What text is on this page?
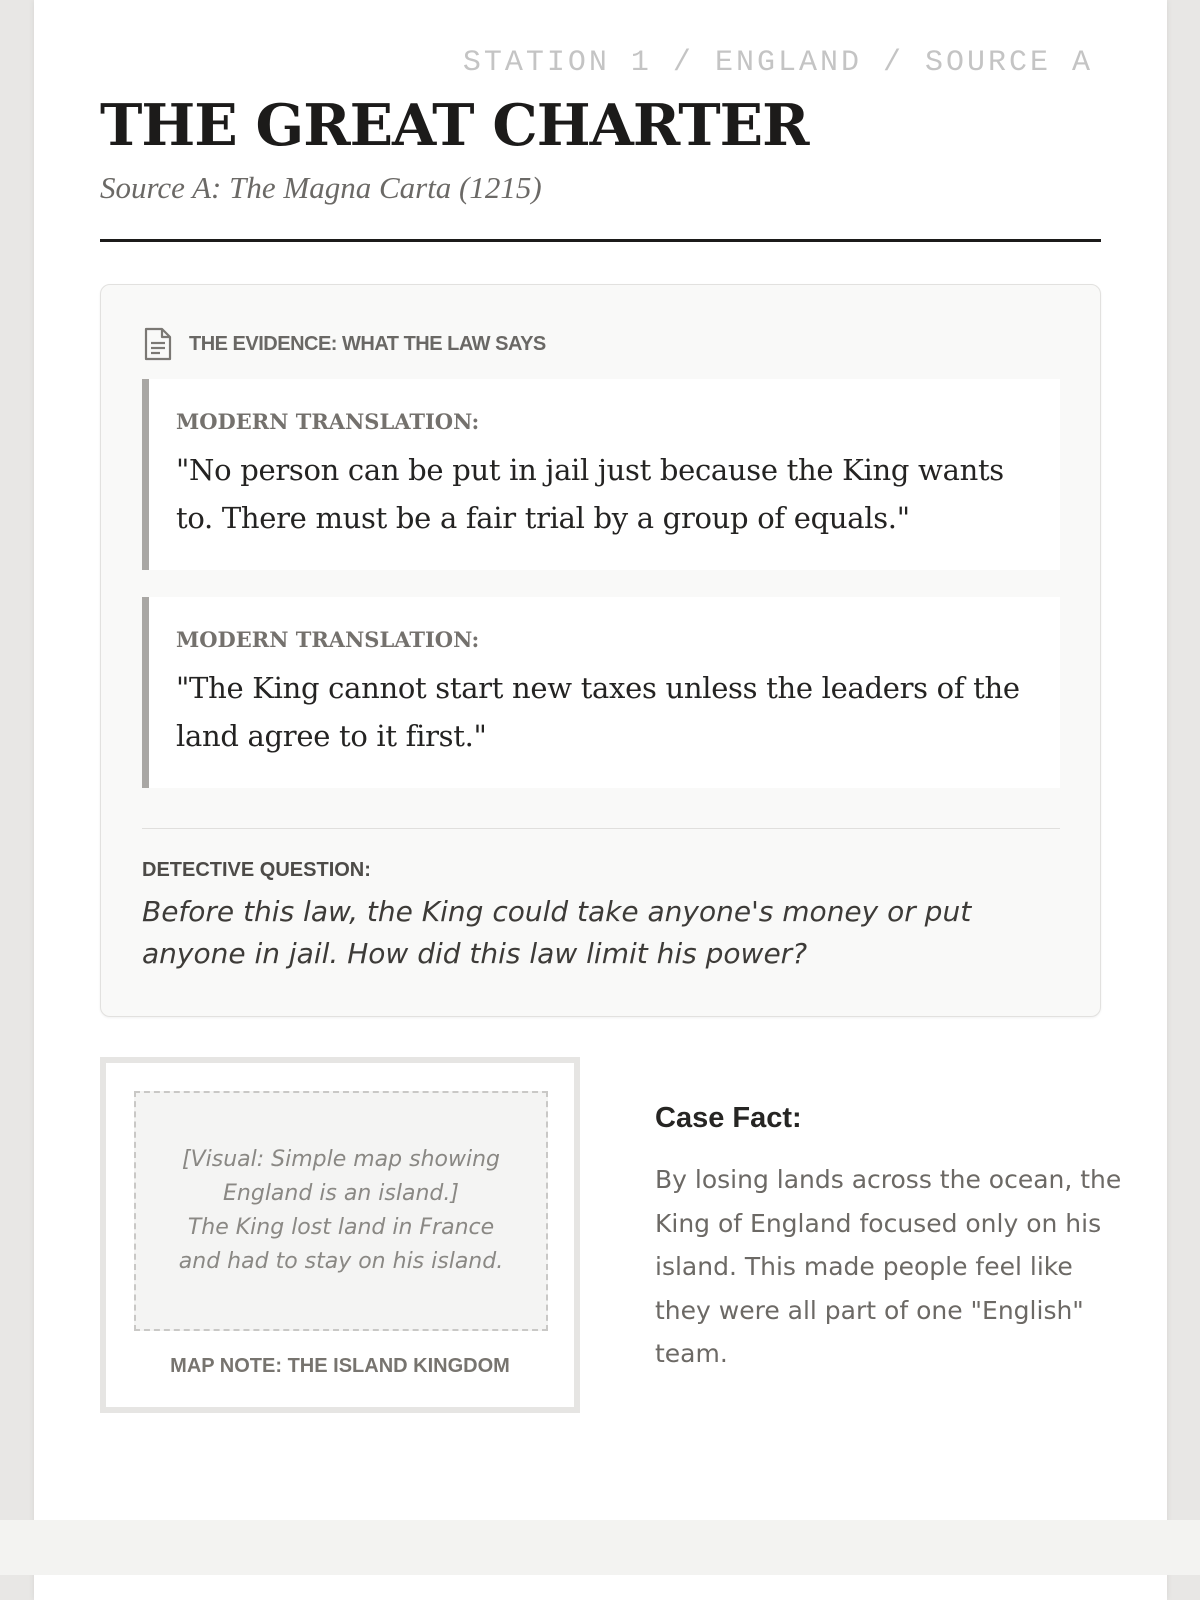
STATION 1 / ENGLAND / SOURCE A

THE GREAT CHARTER

Source A: The Magna Carta (1215)

THE EVIDENCE: WHAT THE LAW SAYS

MODERN TRANSLATION:

"No person can be put in jail just because the King wants to. There must be a fair trial by a group of equals."

MODERN TRANSLATION:

"The King cannot start new taxes unless the leaders of the land agree to it first."

DETECTIVE QUESTION:

Before this law, the King could take anyone's money or put anyone in jail. How did this law limit his power?

[Visual: Simple map showing
England is an island.]
The King lost land in France
and had to stay on his island.

MAP NOTE: THE ISLAND KINGDOM

Case Fact:

By losing lands across the ocean, the King of England focused only on his island. This made people feel like they were all part of one "English" team.
